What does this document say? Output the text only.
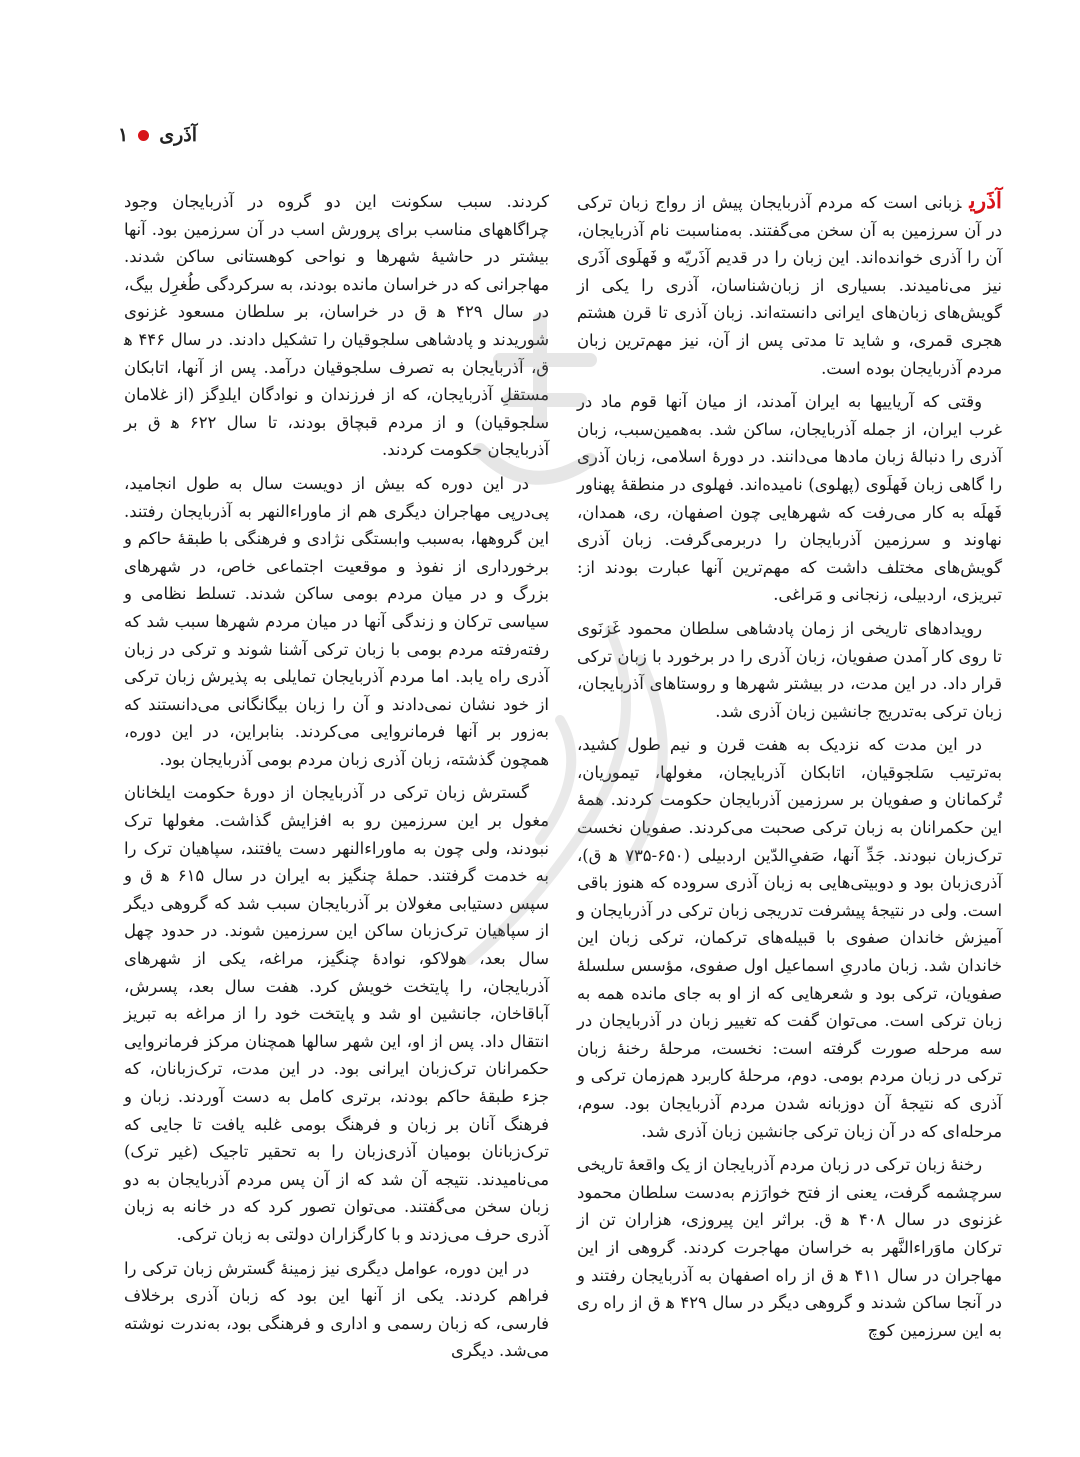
آذَری
۱

آذَریزبانی است که مردم آذربایجان پیش از رواج زبان ترکی در آن سرزمین به آن سخن می‌گفتند. به‌مناسبت نام آذربایجان، آن را آذری خوانده‌اند. این زبان را در قدیم آذَریّه و فَهلَوی آذَری نیز می‌نامیدند. بسیاری از زبان‌شناسان، آذری را یکی از گویش‌های زبان‌های ایرانی دانسته‌اند. زبان آذری تا قرن هشتم هجری قمری، و شاید تا مدتی پس از آن، نیز مهم‌ترین زبان مردم آذربایجان بوده است.

وقتی که آریاییها به ایران آمدند، از میان آنها قوم ماد در غرب ایران، از جمله آذربایجان، ساکن شد. به‌همین‌سبب، زبان آذری را دنبالهٔ زبان مادها می‌دانند. در دورهٔ اسلامی، زبان آذری را گاهی زبان فَهلَوی (پهلوی) نامیده‌اند. فهلوی در منطقهٔ پهناور فَهلَه به کار می‌رفت که شهرهایی چون اصفهان، ری، همدان، نهاوند و سرزمین آذربایجان را دربرمی‌گرفت. زبان آذری گویش‌های مختلف داشت که مهم‌ترین آنها عبارت بودند از: تبریزی، اردبیلی، زنجانی و مَراغی.

رویدادهای تاریخی از زمان پادشاهی سلطان محمود غَزنَوی تا روی کار آمدن صفویان، زبان آذری را در برخورد با زبان ترکی قرار داد. در این مدت، در بیشتر شهرها و روستاهای آذربایجان، زبان ترکی به‌تدریج جانشین زبان آذری شد.

در این مدت که نزدیک به هفت قرن و نیم طول کشید، به‌ترتیب سَلجوقیان، اتابکان آذربایجان، مغولها، تیموریان، تُرکمانان و صفویان بر سرزمین آذربایجان حکومت کردند. همهٔ این حکمرانان به زبان ترکی صحبت می‌کردند. صفویان نخست ترک‌زبان نبودند. جَدِّ آنها، صَفیِ‌الدّین اردبیلی (۶۵۰-۷۳۵ ه‍ ق)، آذری‌زبان بود و دوبیتی‌هایی به زبان آذری سروده که هنوز باقی است. ولی در نتیجهٔ پیشرفت تدریجی زبان ترکی در آذربایجان و آمیزش خاندان صفوی با قبیله‌های ترکمان، ترکی زبان این خاندان شد. زبان مادریِ اسماعیل اول صفوی، مؤسس سلسلهٔ صفویان، ترکی بود و شعرهایی که از او به جای مانده همه به زبان ترکی است. می‌توان گفت که تغییر زبان در آذربایجان در سه مرحله صورت گرفته است: نخست، مرحلهٔ رخنهٔ زبان ترکی در زبان مردم بومی. دوم، مرحلهٔ کاربرد هم‌زمان ترکی و آذری که نتیجهٔ آن دوزبانه شدن مردم آذربایجان بود. سوم، مرحله‌ای که در آن زبان ترکی جانشین زبان آذری شد.

رخنهٔ زبان ترکی در زبان مردم آذربایجان از یک واقعهٔ تاریخی سرچشمه گرفت، یعنی از فتح خوارَزم به‌دست سلطان محمود غزنوی در سال ۴۰۸ ه‍ ق. براثر این پیروزی، هزاران تن از ترکان ماوَراءالنَّهر به خراسان مهاجرت کردند. گروهی از این مهاجران در سال ۴۱۱ ه‍ ق از راه اصفهان به آذربایجان رفتند و در آنجا ساکن شدند و گروهی دیگر در سال ۴۲۹ ه‍ ق از راه ری به این سرزمین کوچ

کردند. سبب سکونت این دو گروه در آذربایجان وجود چراگاههای مناسب برای پرورش اسب در آن سرزمین بود. آنها بیشتر در حاشیهٔ شهرها و نواحی کوهستانی ساکن شدند. مهاجرانی که در خراسان مانده بودند، به سرکردگی طُغرِل بیگ، در سال ۴۲۹ ه‍ ق در خراسان، بر سلطان مسعود غزنوی شوریدند و پادشاهی سلجوقیان را تشکیل دادند. در سال ۴۴۶ ه‍ ق، آذربایجان به تصرف سلجوقیان درآمد. پس از آنها، اتابکان مستقلِ آذربایجان، که از فرزندان و نوادگان ایلدِگز (از غلامان سلجوقیان) و از مردم قبچاق بودند، تا سال ۶۲۲ ه‍ ق بر آذربایجان حکومت کردند.

در این دوره که بیش از دویست سال به طول انجامید، پی‌درپی مهاجران دیگری هم از ماوراءالنهر به آذربایجان رفتند. این گروهها، به‌سبب وابستگی نژادی و فرهنگی با طبقهٔ حاکم و برخورداری از نفوذ و موقعیت اجتماعی خاص، در شهرهای بزرگ و در میان مردم بومی ساکن شدند. تسلط نظامی و سیاسی ترکان و زندگی آنها در میان مردم شهرها سبب شد که رفته‌رفته مردم بومی با زبان ترکی آشنا شوند و ترکی در زبان آذری راه یابد. اما مردم آذربایجان تمایلی به پذیرش زبان ترکی از خود نشان نمی‌دادند و آن را زبان بیگانگانی می‌دانستند که به‌زور بر آنها فرمانروایی می‌کردند. بنابراین، در این دوره، همچون گذشته، زبان آذری زبان مردم بومی آذربایجان بود.

گسترش زبان ترکی در آذربایجان از دورهٔ حکومت ایلخانان مغول بر این سرزمین رو به افزایش گذاشت. مغولها ترک نبودند، ولی چون به ماوراءالنهر دست یافتند، سپاهیان ترک را به خدمت گرفتند. حملهٔ چنگیز به ایران در سال ۶۱۵ ه‍ ق و سپس دستیابی مغولان بر آذربایجان سبب شد که گروهی دیگر از سپاهیان ترک‌زبان ساکن این سرزمین شوند. در حدود چهل سال بعد، هولاکو، نوادهٔ چنگیز، مراغه، یکی از شهرهای آذربایجان، را پایتخت خویش کرد. هفت سال بعد، پسرش، آباقاخان، جانشین او شد و پایتخت خود را از مراغه به تبریز انتقال داد. پس از او، این شهر سالها همچنان مرکز فرمانروایی حکمرانان ترک‌زبان ایرانی بود. در این مدت، ترک‌زبانان، که جزء طبقهٔ حاکم بودند، برتری کامل به دست آوردند. زبان و فرهنگ آنان بر زبان و فرهنگ بومی غلبه یافت تا جایی که ترک‌زبانان بومیان آذری‌زبان را به تحقیر تاجیک (غیر ترک) می‌نامیدند. نتیجه آن شد که از آن پس مردم آذربایجان به دو زبان سخن می‌گفتند. می‌توان تصور کرد که در خانه به زبان آذری حرف می‌زدند و با کارگزاران دولتی به زبان ترکی.

در این دوره، عوامل دیگری نیز زمینهٔ گسترش زبان ترکی را فراهم کردند. یکی از آنها این بود که زبان آذری برخلاف فارسی، که زبان رسمی و اداری و فرهنگی بود، به‌ندرت نوشته می‌شد. دیگری
